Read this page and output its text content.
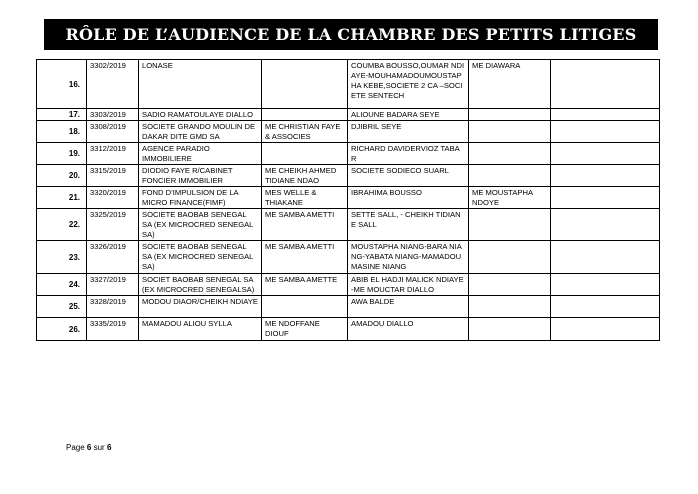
RÔLE DE L’AUDIENCE DE LA CHAMBRE DES PETITS LITIGES
16.	3302/2019	LONASE		COUMBA BOUSSO,OUMAR NDIAYE-MOUHAMADOUMOUSTAPHA KEBE,SOCIETE 2 CA –SOCIETE SENTECH	ME DIAWARA	
17.	3303/2019	SADIO RAMATOULAYE DIALLO		ALIOUNE BADARA SEYE		
18.	3308/2019	SOCIETE GRANDO MOULIN DE DAKAR DITE GMD SA	ME CHRISTIAN FAYE & ASSOCIES	DJIBRIL SEYE		
19.	3312/2019	AGENCE PARADIO IMMOBILIERE		RICHARD DAVIDERVIOZ TABAR		
20.	3315/2019	DIODIO FAYE R/CABINET FONCIER IMMOBILIER	ME CHEIKH AHMED TIDIANE NDAO	SOCIETE SODIECO SUARL		
21.	3320/2019	FOND D’IMPULSION DE LA MICRO FINANCE(FIMF)	MES WELLE & THIAKANE	IBRAHIMA BOUSSO	ME MOUSTAPHA NDOYE	
22.	3325/2019	SOCIETE BAOBAB SENEGAL SA (EX MICROCRED SENEGAL SA)	ME SAMBA AMETTI	SETTE SALL, - CHEIKH TIDIANE SALL		
23.	3326/2019	SOCIETE BAOBAB SENEGAL SA (EX MICROCRED SENEGAL SA)	ME SAMBA AMETTI	MOUSTAPHA NIANG-BARA NIANG-YABATA NIANG-MAMADOU MASINE NIANG		
24.	3327/2019	SOCIET BAOBAB SENEGAL SA (EX MICROCRED SENEGALSA)	ME SAMBA AMETTE	ABIB EL HADJI MALICK NDIAYE-ME MOUCTAR DIALLO		
25.	3328/2019	MODOU DIAOR/CHEIKH NDIAYE		AWA BALDE		
26.	3335/2019	MAMADOU ALIOU SYLLA	ME NDOFFANE DIOUF	AMADOU DIALLO		
Page 6 sur 6
